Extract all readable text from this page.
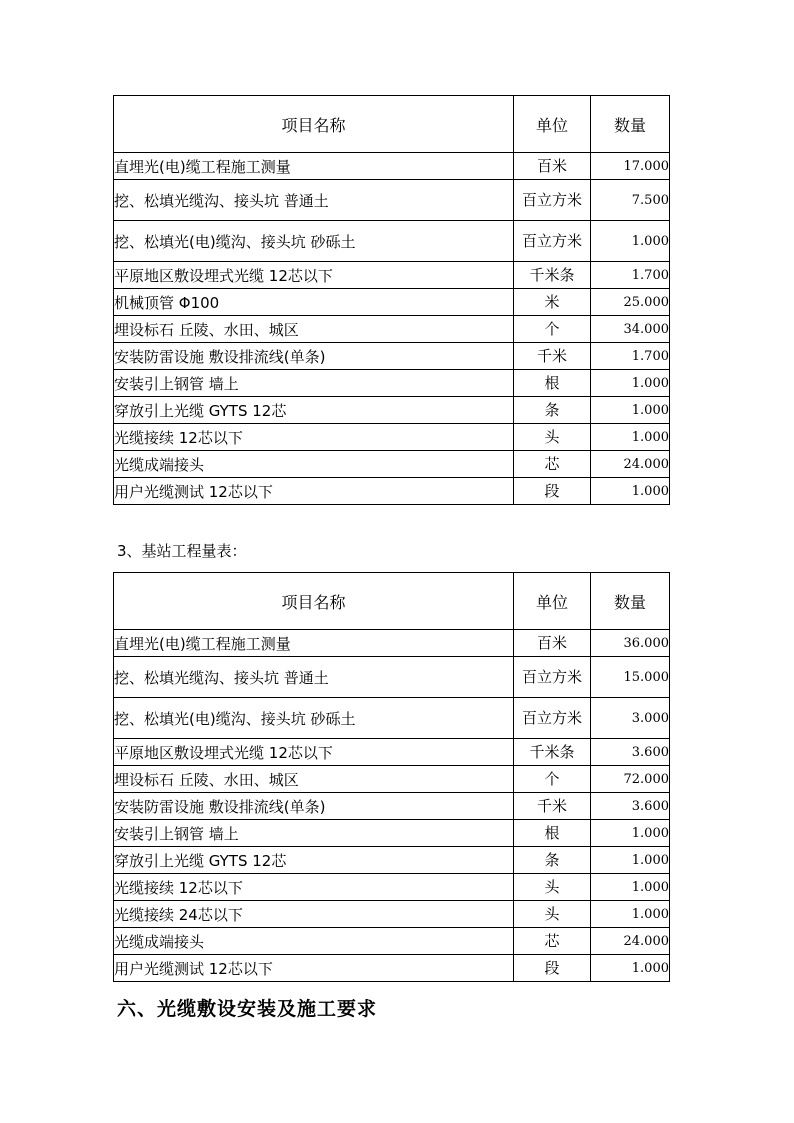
项目名称	单位	数量
直埋光(电)缆工程施工测量	百米	17.000
挖、松填光缆沟、接头坑 普通土	百立方米	7.500
挖、松填光(电)缆沟、接头坑 砂砾土	百立方米	1.000
平原地区敷设埋式光缆 12芯以下	千米条	1.700
机械顶管 Φ100	米	25.000
埋设标石 丘陵、水田、城区	个	34.000
安装防雷设施 敷设排流线(单条)	千米	1.700
安装引上钢管 墙上	根	1.000
穿放引上光缆 GYTS 12芯	条	1.000
光缆接续 12芯以下	头	1.000
光缆成端接头	芯	24.000
用户光缆测试 12芯以下	段	1.000
3、基站工程量表：
项目名称	单位	数量
直埋光(电)缆工程施工测量	百米	36.000
挖、松填光缆沟、接头坑 普通土	百立方米	15.000
挖、松填光(电)缆沟、接头坑 砂砾土	百立方米	3.000
平原地区敷设埋式光缆 12芯以下	千米条	3.600
埋设标石 丘陵、水田、城区	个	72.000
安装防雷设施 敷设排流线(单条)	千米	3.600
安装引上钢管 墙上	根	1.000
穿放引上光缆 GYTS 12芯	条	1.000
光缆接续 12芯以下	头	1.000
光缆接续 24芯以下	头	1.000
光缆成端接头	芯	24.000
用户光缆测试 12芯以下	段	1.000
六、光缆敷设安装及施工要求
